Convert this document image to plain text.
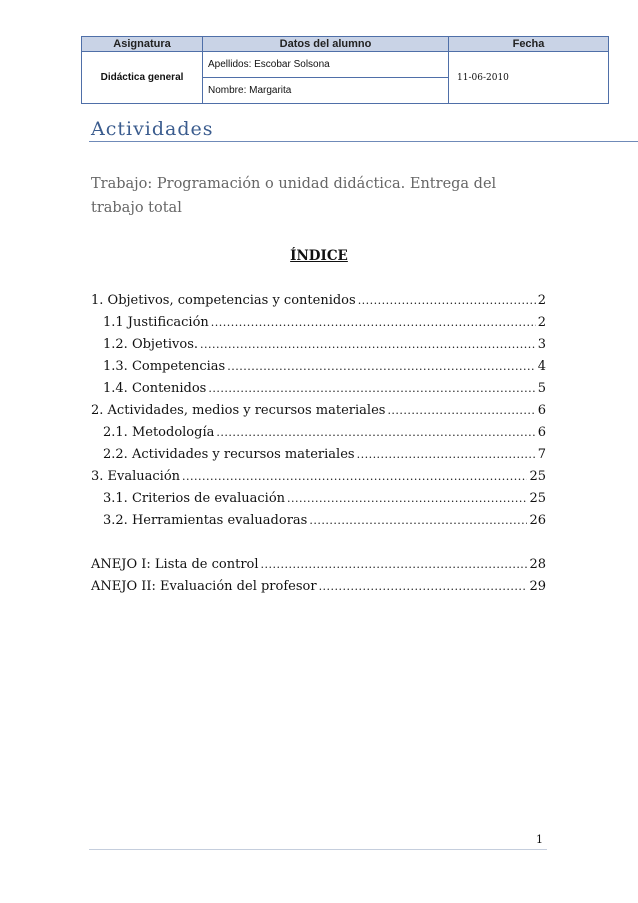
Asignatura	Datos del alumno	Fecha
Didáctica general	Apellidos: Escobar Solsona	11-06-2010
	Nombre: Margarita	
Actividades

Trabajo: Programación o unidad didáctica. Entrega del trabajo total

ÍNDICE
1. Objetivos, competencias y contenidos .....	2
1.1 Justificación .....	2
1.2. Objetivos. .....	3
1.3. Competencias .....	4
1.4. Contenidos .....	5
2. Actividades, medios y recursos materiales .....	6
2.1. Metodología .....	6
2.2. Actividades y recursos materiales .....	7
3. Evaluación .....	25
3.1. Criterios de evaluación .....	25
3.2. Herramientas evaluadoras .....	26
ANEJO I: Lista de control .....	28
ANEJO II: Evaluación del profesor .....	29

1
